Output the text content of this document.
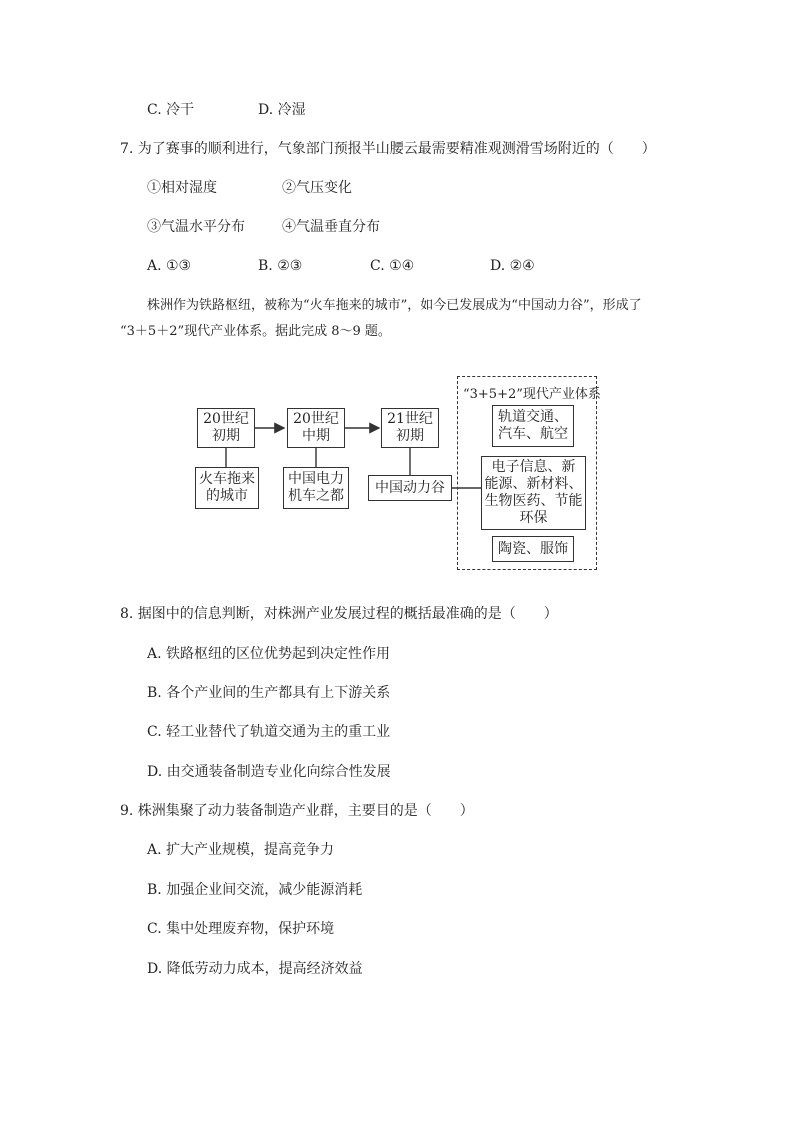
C. 冷干	D. 冷湿
7. 为了赛事的顺利进行，气象部门预报半山腰云最需要精准观测滑雪场附近的（　　）
①相对湿度	②气压变化
③气温水平分布	④气温垂直分布
A. ①③	B. ②③	C. ①④	D. ②④
株洲作为铁路枢纽，被称为“火车拖来的城市”，如今已发展成为“中国动力谷”，形成了
“3＋5＋2”现代产业体系。据此完成 8～9 题。
20世纪
初期
20世纪
中期
21世纪
初期
火车拖来
的城市
中国电力
机车之都
中国动力谷
“3+5+2”现代产业体系
轨道交通、
汽车、航空
电子信息、新
能源、新材料、
生物医药、节能
环保
陶瓷、服饰
8. 据图中的信息判断，对株洲产业发展过程的概括最准确的是（　　）
A. 铁路枢纽的区位优势起到决定性作用
B. 各个产业间的生产都具有上下游关系
C. 轻工业替代了轨道交通为主的重工业
D. 由交通装备制造专业化向综合性发展
9. 株洲集聚了动力装备制造产业群，主要目的是（　　）
A. 扩大产业规模，提高竞争力
B. 加强企业间交流，减少能源消耗
C. 集中处理废弃物，保护环境
D. 降低劳动力成本，提高经济效益
